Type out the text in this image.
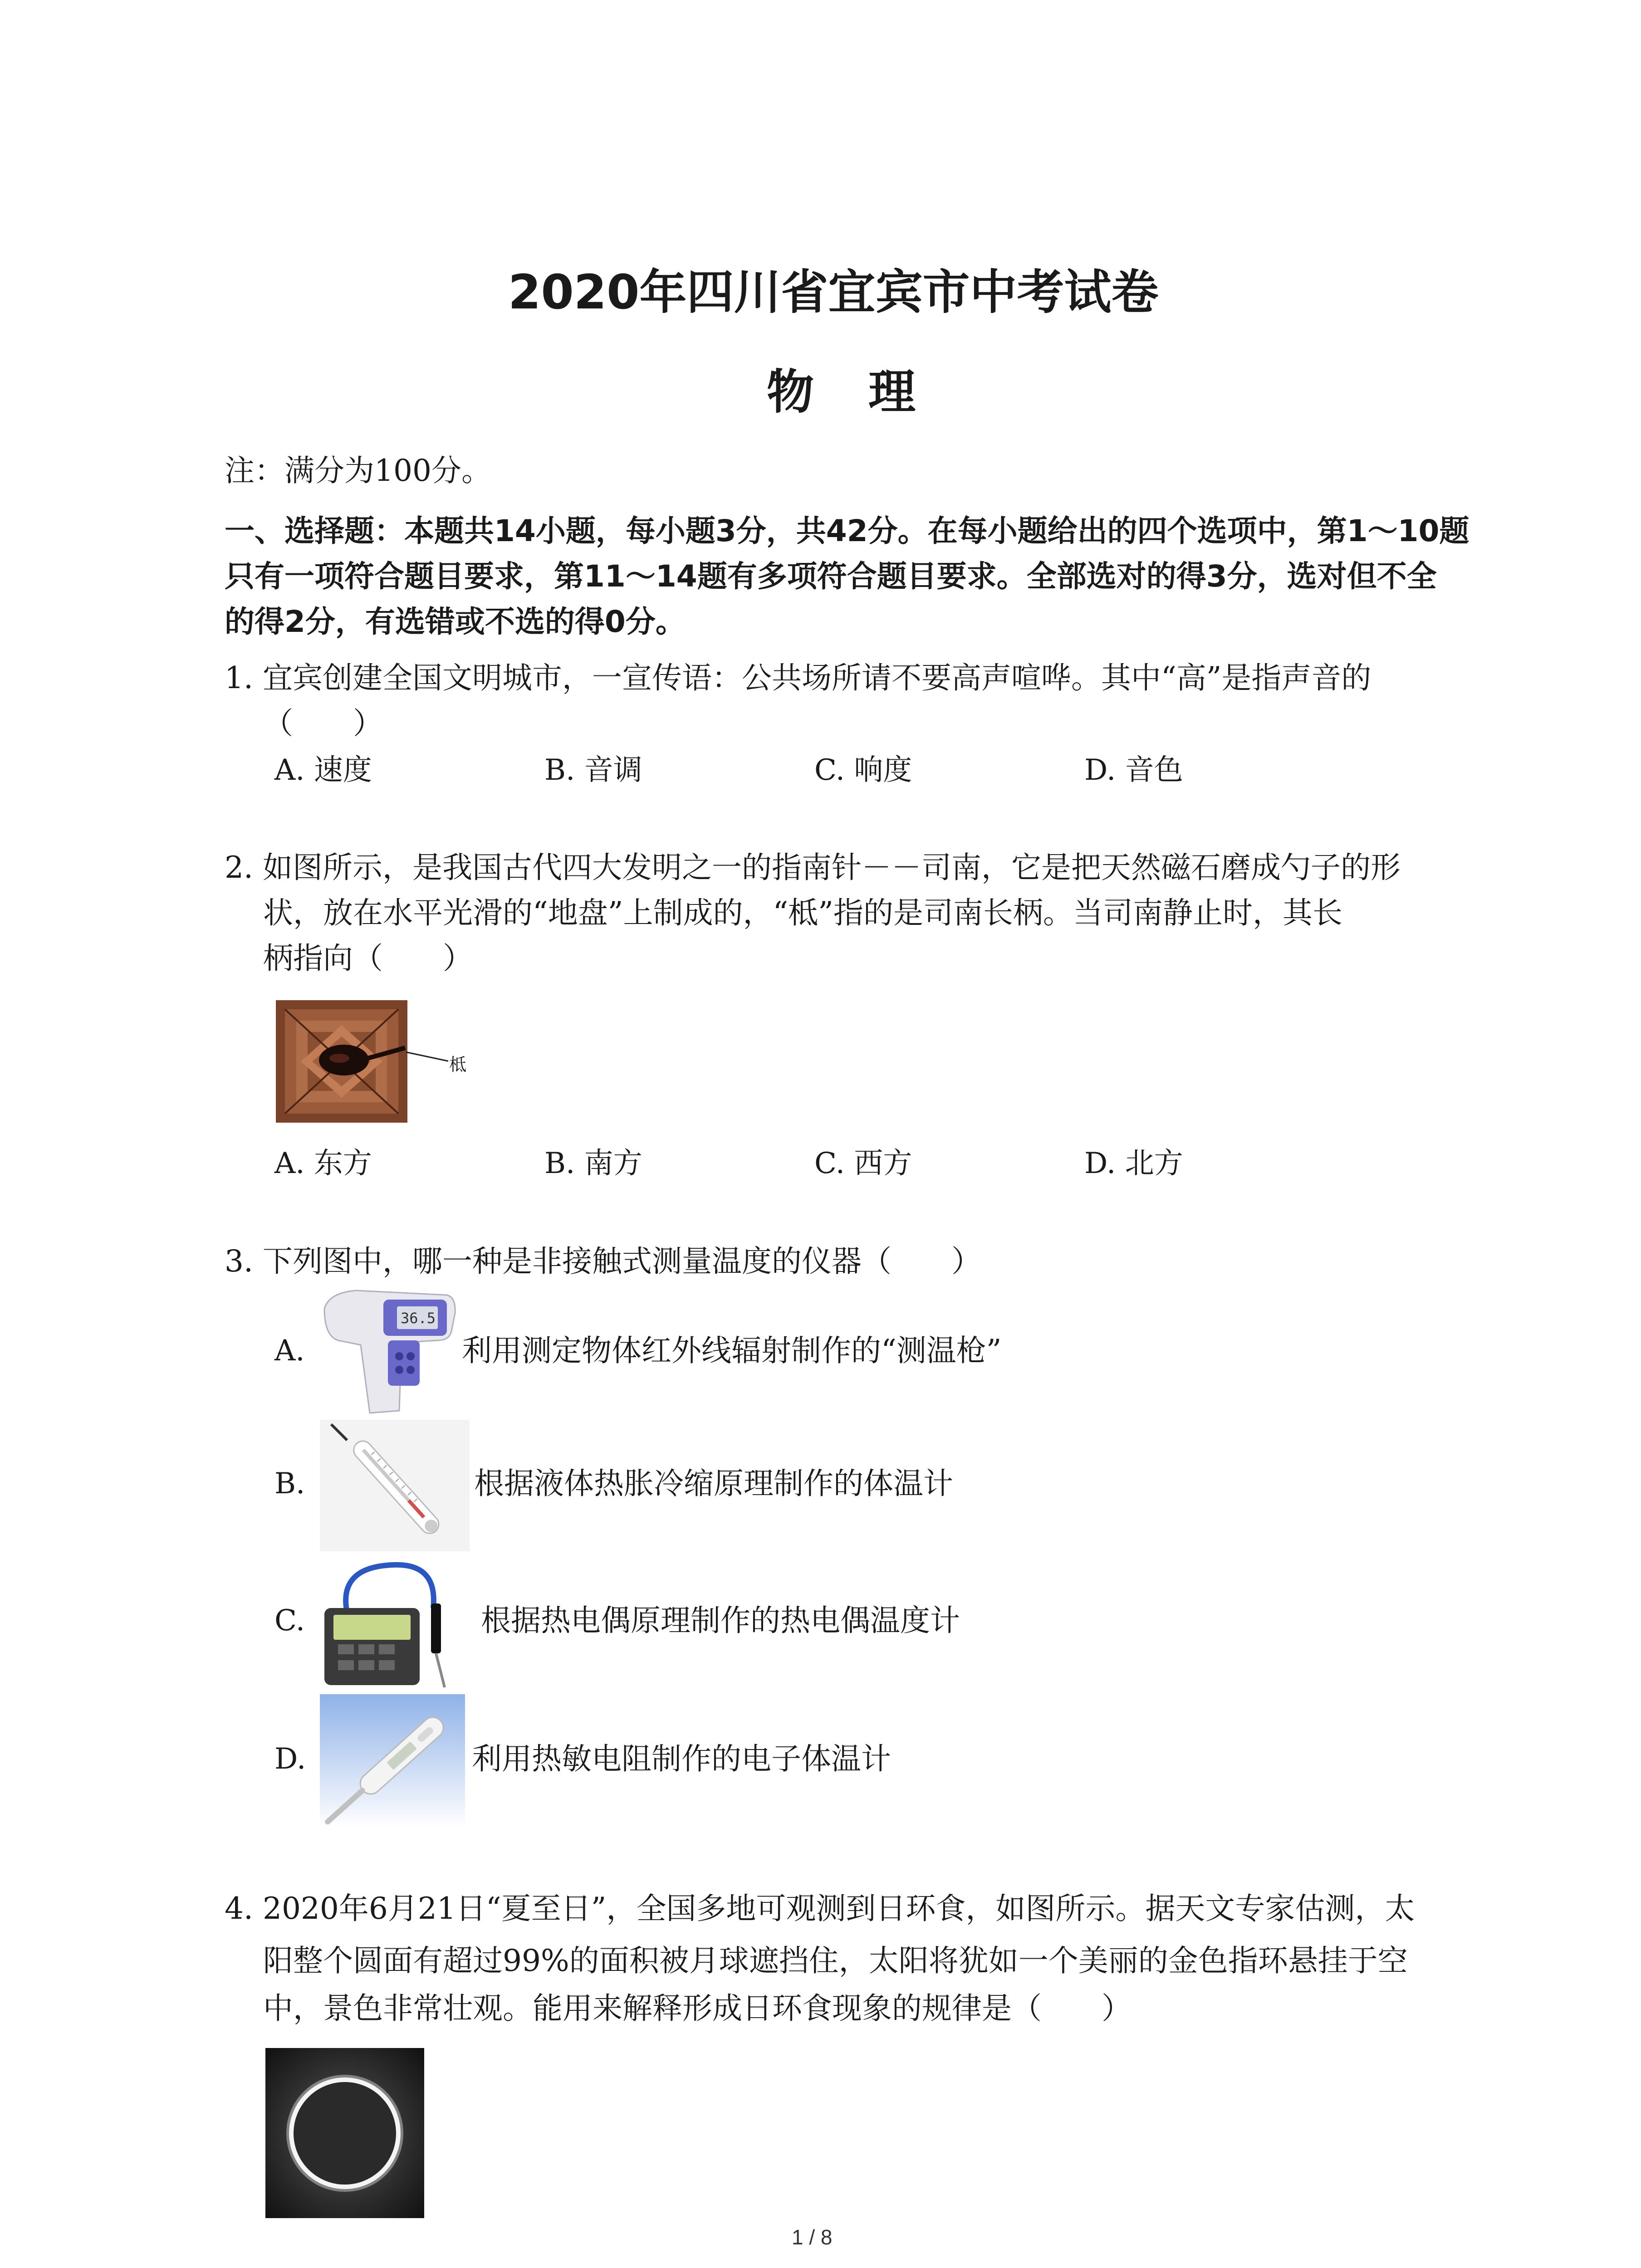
2020年四川省宜宾市中考试卷
物理
注：满分为100分。
一、选择题：本题共14小题，每小题3分，共42分。在每小题给出的四个选项中，第1～10题
只有一项符合题目要求，第11～14题有多项符合题目要求。全部选对的得3分，选对但不全
的得2分，有选错或不选的得0分。
1. 宜宾创建全国文明城市，一宣传语：公共场所请不要高声喧哗。其中“高”是指声音的
（　　）
A. 速度	B. 音调	C. 响度	D. 音色
2. 如图所示，是我国古代四大发明之一的指南针－－司南，它是把天然磁石磨成勺子的形
状，放在水平光滑的“地盘”上制成的，“柢”指的是司南长柄。当司南静止时，其长
柄指向（　　）
柢
A. 东方	B. 南方	C. 西方	D. 北方
3. 下列图中，哪一种是非接触式测量温度的仪器（　　）
A.
36.5
利用测定物体红外线辐射制作的“测温枪”
B.	根据液体热胀冷缩原理制作的体温计
C.	根据热电偶原理制作的热电偶温度计
D.	利用热敏电阻制作的电子体温计
4. 2020年6月21日“夏至日”，全国多地可观测到日环食，如图所示。据天文专家估测，太
阳整个圆面有超过99%的面积被月球遮挡住，太阳将犹如一个美丽的金色指环悬挂于空
中，景色非常壮观。能用来解释形成日环食现象的规律是（　　）
1 / 8
